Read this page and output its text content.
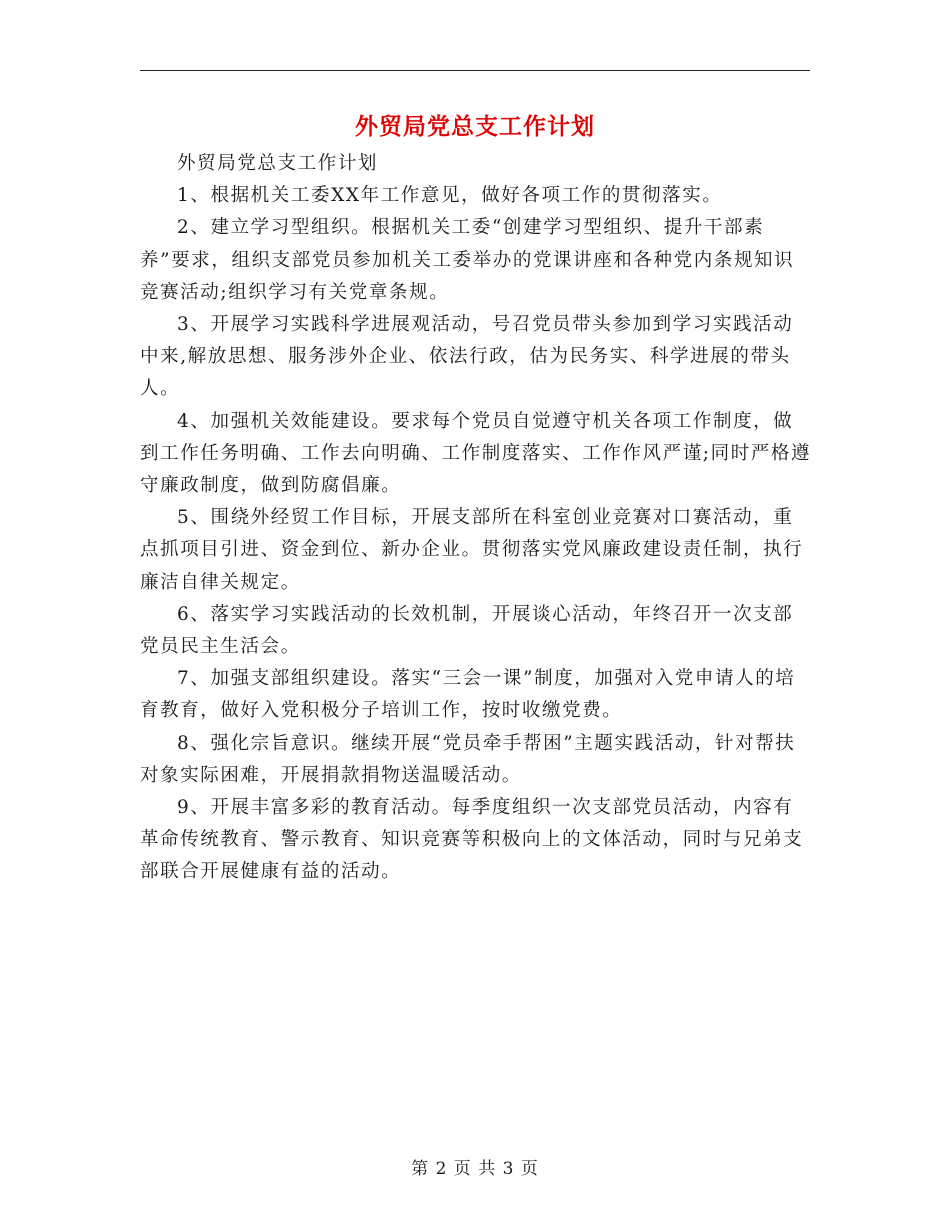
外贸局党总支工作计划

外贸局党总支工作计划

1、根据机关工委XX年工作意见，做好各项工作的贯彻落实。

2、建立学习型组织。根据机关工委“创建学习型组织、提升干部素养”要求，组织支部党员参加机关工委举办的党课讲座和各种党内条规知识竞赛活动;组织学习有关党章条规。

3、开展学习实践科学进展观活动，号召党员带头参加到学习实践活动中来,解放思想、服务涉外企业、依法行政，估为民务实、科学进展的带头人。

4、加强机关效能建设。要求每个党员自觉遵守机关各项工作制度，做到工作任务明确、工作去向明确、工作制度落实、工作作风严谨;同时严格遵守廉政制度，做到防腐倡廉。

5、围绕外经贸工作目标，开展支部所在科室创业竞赛对口赛活动，重点抓项目引进、资金到位、新办企业。贯彻落实党风廉政建设责任制，执行廉洁自律关规定。

6、落实学习实践活动的长效机制，开展谈心活动，年终召开一次支部党员民主生活会。

7、加强支部组织建设。落实“三会一课”制度，加强对入党申请人的培育教育，做好入党积极分子培训工作，按时收缴党费。

8、强化宗旨意识。继续开展“党员牵手帮困”主题实践活动，针对帮扶对象实际困难，开展捐款捐物送温暖活动。

9、开展丰富多彩的教育活动。每季度组织一次支部党员活动，内容有革命传统教育、警示教育、知识竞赛等积极向上的文体活动，同时与兄弟支部联合开展健康有益的活动。

第 2 页 共 3 页
